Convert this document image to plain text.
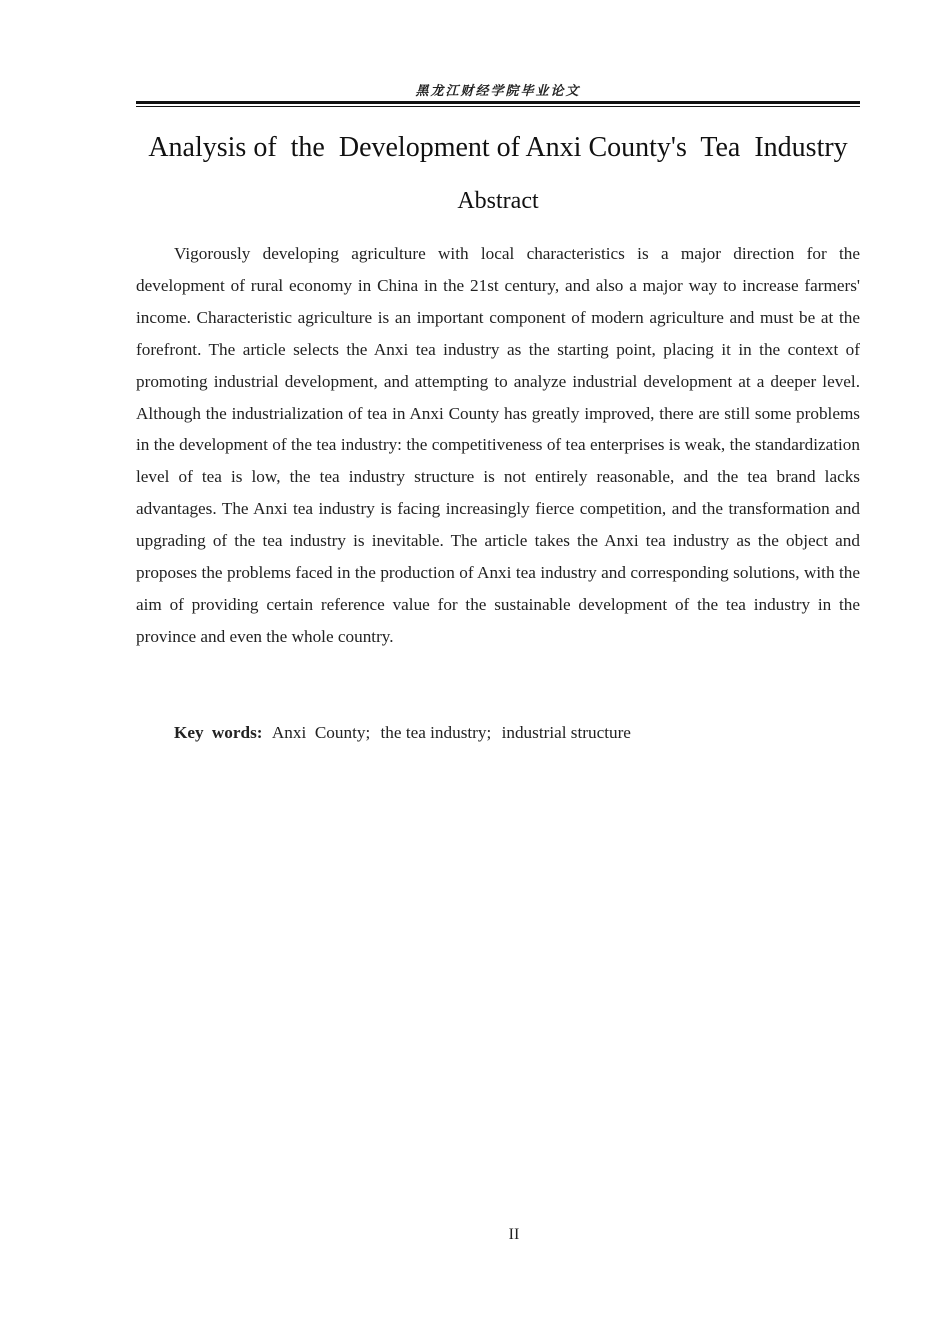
黑龙江财经学院毕业论文
Analysis of  the  Development of Anxi County's  Tea  Industry
Abstract

Vigorously developing agriculture with local characteristics is a major direction for the development of rural economy in China in the 21st century, and also a major way to increase farmers' income. Characteristic agriculture is an important component of modern agriculture and must be at the forefront. The article selects the Anxi tea industry as the starting point, placing it in the context of promoting industrial development, and attempting to analyze industrial development at a deeper level. Although the industrialization of tea in Anxi County has greatly improved, there are still some problems in the development of the tea industry: the competitiveness of tea enterprises is weak, the standardization level of tea is low, the tea industry structure is not entirely reasonable, and the tea brand lacks advantages. The Anxi tea industry is facing increasingly fierce competition, and the transformation and upgrading of the tea industry is inevitable. The article takes the Anxi tea industry as the object and proposes the problems faced in the production of Anxi tea industry and corresponding solutions, with the aim of providing certain reference value for the sustainable development of the tea industry in the province and even the whole country.

Key words: Anxi  County; the tea industry; industrial structure
II
